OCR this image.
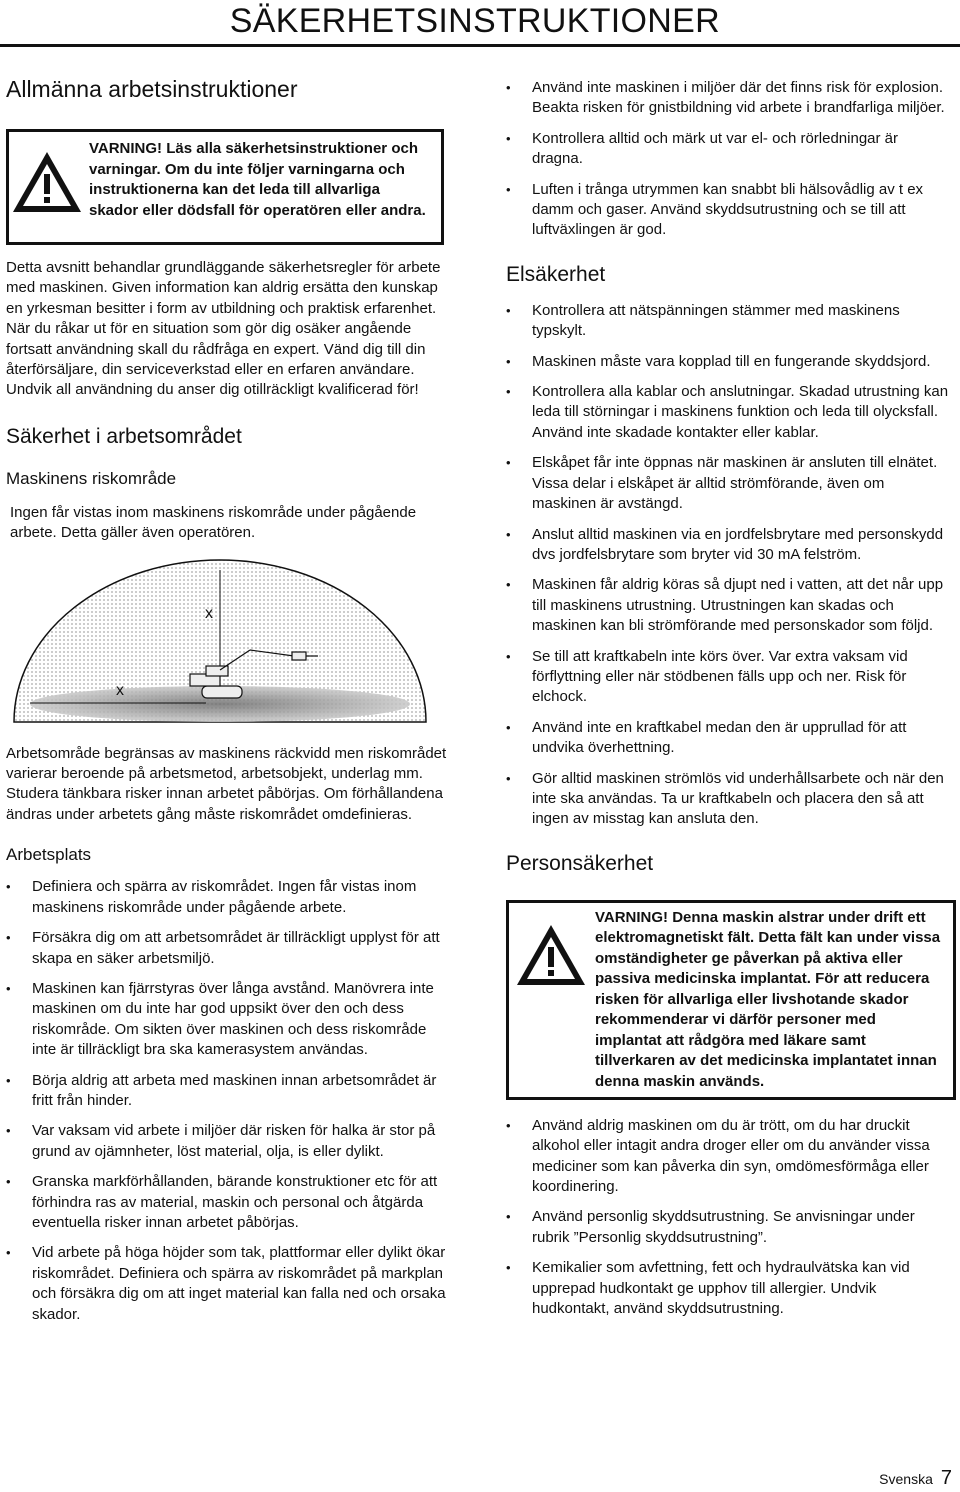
SÄKERHETSINSTRUKTIONER
Allmänna arbetsinstruktioner
VARNING! Läs alla säkerhetsinstruktioner och varningar. Om du inte följer varningarna och instruktionerna kan det leda till allvarliga skador eller dödsfall för operatören eller andra.

Detta avsnitt behandlar grundläggande säkerhetsregler för arbete med maskinen. Given information kan aldrig ersätta den kunskap en yrkesman besitter i form av utbildning och praktisk erfarenhet. När du råkar ut för en situation som gör dig osäker angående fortsatt användning skall du rådfråga en expert. Vänd dig till din återförsäljare, din serviceverkstad eller en erfaren användare. Undvik all användning du anser dig otillräckligt kvalificerad för!

Säkerhet i arbetsområdet
Maskinens riskområde

Ingen får vistas inom maskinens riskområde under pågående arbete. Detta gäller även operatören.

x
x

Arbetsområde begränsas av maskinens räckvidd men riskområdet varierar beroende på arbetsmetod, arbetsobjekt, underlag mm. Studera tänkbara risker innan arbetet påbörjas. Om förhållandena ändras under arbetets gång måste riskområdet omdefinieras.

Arbetsplats
• Definiera och spärra av riskområdet. Ingen får vistas inom maskinens riskområde under pågående arbete.
• Försäkra dig om att arbetsområdet är tillräckligt upplyst för att skapa en säker arbetsmiljö.
• Maskinen kan fjärrstyras över långa avstånd. Manövrera inte maskinen om du inte har god uppsikt över den och dess riskområde. Om sikten över maskinen och dess riskområde inte är tillräckligt bra ska kamerasystem användas.
• Börja aldrig att arbeta med maskinen innan arbetsområdet är fritt från hinder.
• Var vaksam vid arbete i miljöer där risken för halka är stor på grund av ojämnheter, löst material, olja, is eller dylikt.
• Granska markförhållanden, bärande konstruktioner etc för att förhindra ras av material, maskin och personal och åtgärda eventuella risker innan arbetet påbörjas.
• Vid arbete på höga höjder som tak, plattformar eller dylikt ökar riskområdet. Definiera och spärra av riskområdet på markplan och försäkra dig om att inget material kan falla ned och orsaka skador.
• Använd inte maskinen i miljöer där det finns risk för explosion. Beakta risken för gnistbildning vid arbete i brandfarliga miljöer.
• Kontrollera alltid och märk ut var el- och rörledningar är dragna.
• Luften i trånga utrymmen kan snabbt bli hälsovådlig av t ex damm och gaser. Använd skyddsutrustning och se till att luftväxlingen är god.
Elsäkerhet
• Kontrollera att nätspänningen stämmer med maskinens typskylt.
• Maskinen måste vara kopplad till en fungerande skyddsjord.
• Kontrollera alla kablar och anslutningar. Skadad utrustning kan leda till störningar i maskinens funktion och leda till olycksfall. Använd inte skadade kontakter eller kablar.
• Elskåpet får inte öppnas när maskinen är ansluten till elnätet. Vissa delar i elskåpet är alltid strömförande, även om maskinen är avstängd.
• Anslut alltid maskinen via en jordfelsbrytare med personskydd dvs jordfelsbrytare som bryter vid 30 mA felström.
• Maskinen får aldrig köras så djupt ned i vatten, att det når upp till maskinens utrustning. Utrustningen kan skadas och maskinen kan bli strömförande med personskador som följd.
• Se till att kraftkabeln inte körs över. Var extra vaksam vid förflyttning eller när stödbenen fälls upp och ner. Risk för elchock.
• Använd inte en kraftkabel medan den är upprullad för att undvika överhettning.
• Gör alltid maskinen strömlös vid underhållsarbete och när den inte ska användas. Ta ur kraftkabeln och placera den så att ingen av misstag kan ansluta den.
Personsäkerhet
VARNING! Denna maskin alstrar under drift ett elektromagnetiskt fält. Detta fält kan under vissa omständigheter ge påverkan på aktiva eller passiva medicinska implantat. För att reducera risken för allvarliga eller livshotande skador rekommenderar vi därför personer med implantat att rådgöra med läkare samt tillverkaren av det medicinska implantatet innan denna maskin används.
• Använd aldrig maskinen om du är trött, om du har druckit alkohol eller intagit andra droger eller om du använder vissa mediciner som kan påverka din syn, omdömesförmåga eller koordinering.
• Använd personlig skyddsutrustning. Se anvisningar under rubrik ”Personlig skyddsutrustning”.
• Kemikalier som avfettning, fett och hydraulvätska kan vid upprepad hudkontakt ge upphov till allergier. Undvik hudkontakt, använd skyddsutrustning.
Svenska 7
